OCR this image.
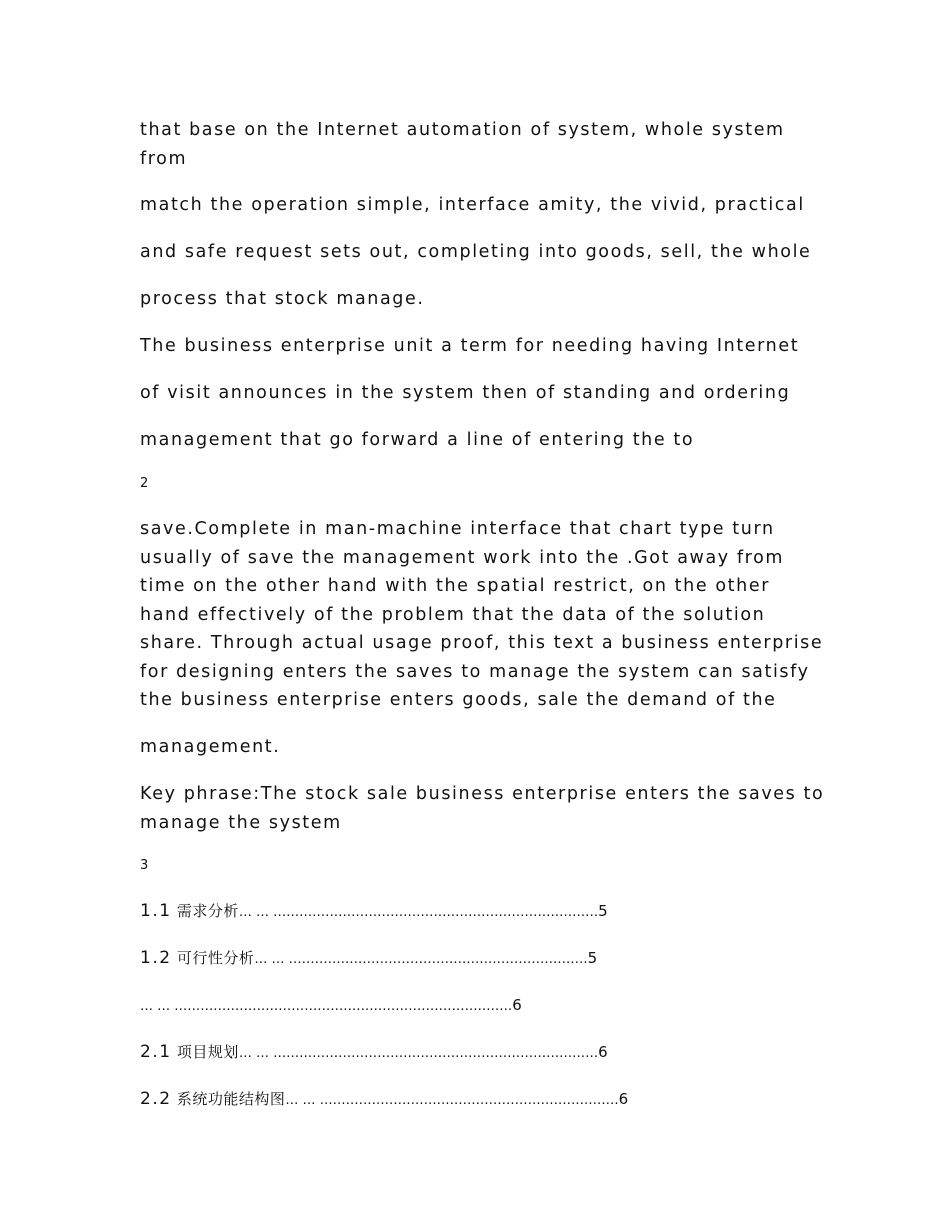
that base on the Internet automation of system, whole system
from
match the operation simple, interface amity, the vivid, practical
and safe request sets out, completing into goods, sell, the whole
process that stock manage.
The business enterprise unit a term for needing having Internet
of visit announces in the system then of standing and ordering
management that go forward a line of entering the to
2
save.Complete in man-machine interface that chart type turn
usually of save the management work into the .Got away from
time on the other hand with the spatial restrict, on the other
hand effectively of the problem that the data of the solution
share. Through actual usage proof, this text a business enterprise
for designing enters the saves to manage the system can satisfy
the business enterprise enters goods, sale the demand of the
management.
Key phrase:The stock sale business enterprise enters the saves to
manage the system
3
1.1 需求分析… … …………………………………………………………………5
1.2 可行性分析… … ……………………………………………………………5
… … ……………………………………………………………………6
2.1 项目规划… … …………………………………………………………………6
2.2 系统功能结构图… … ……………………………………………………………6
